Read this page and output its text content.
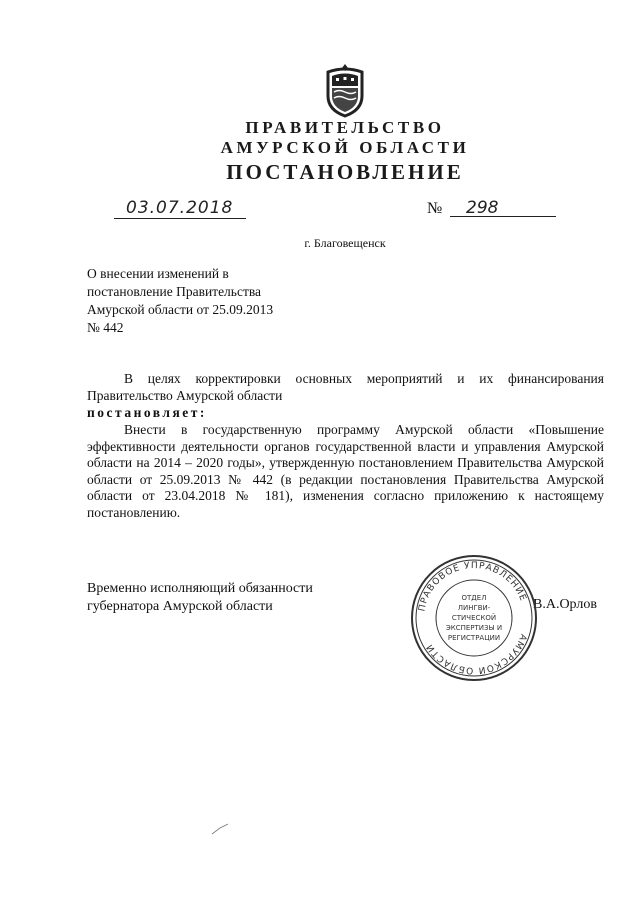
ПРАВИТЕЛЬСТВО
АМУРСКОЙ ОБЛАСТИ
ПОСТАНОВЛЕНИЕ
03.07.2018	№ 298
г. Благовещенск
О внесении изменений в
постановление Правительства
Амурской области от 25.09.2013
№ 442
В целях корректировки основных мероприятий и их финансирования Правительство Амурской области
постановляет:
Внести в государственную программу Амурской области «Повышение эффективности деятельности органов государственной власти и управления Амурской области на 2014 – 2020 годы», утвержденную постановлением Правительства Амурской области от 25.09.2013 № 442 (в редакции постановления Правительства Амурской области от 23.04.2018 № 181), изменения согласно приложению к настоящему постановлению.
Временно исполняющий обязанности
губернатора Амурской области	В.А.Орлов
ПРАВОВОЕ УПРАВЛЕНИЕ
АМУРСКОЙ ОБЛАСТИ
ОТДЕЛ
ЛИНГВИ-
СТИЧЕСКОЙ
ЭКСПЕРТИЗЫ И
РЕГИСТРАЦИИ
